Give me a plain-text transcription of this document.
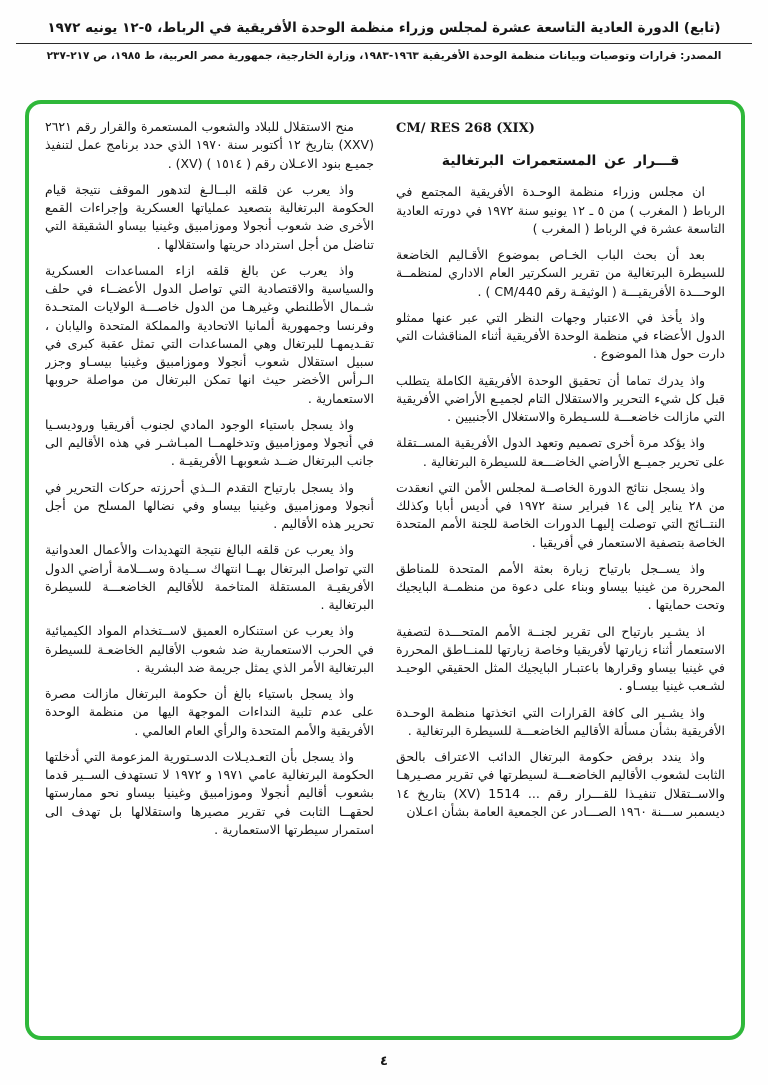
(تابع) الدورة العادية التاسعة عشرة لمجلس وزراء منظمة الوحدة الأفريقية في الرباط، ٥-١٢ يونيه ١٩٧٢
المصدر: قرارات وتوصيات وبيانات منظمة الوحدة الأفريقية ١٩٦٣-١٩٨٣، وزارة الخارجية، جمهورية مصر العربية، ط ١٩٨٥، ص ٢١٧-٢٣٧
CM/ RES 268 (XIX)
قـــرار عن المستعمرات البرتغالية

ان مجلس وزراء منظمة الوحـدة الأفريقية المجتمع في الرباط ( المغرب ) من ٥ ـ ١٢ يونيو سنة ١٩٧٢ في دورته العادية التاسعة عشرة في الرباط ( المغرب )

بعد أن بحث الباب الخـاص بموضوع الأقـاليم الخاضعة للسيطرة البرتغالية من تقرير السكرتير العام الاداري لمنظمــة الوحـــدة الأفريقيـــة ( الوثيقـة رقم CM/440 ) .

واذ يأخذ في الاعتبار وجهات النظر التي عبر عنها ممثلو الدول الأعضاء في منظمة الوحدة الأفريقية أثناء المناقشات التي دارت حول هذا الموضوع .

واذ يدرك تماما أن تحقيق الوحدة الأفريقية الكاملة يتطلب قبل كل شيء التحرير والاستقلال التام لجميـع الأراضي الأفريقية التي مازالت خاضعـــة للسـيطرة والاستغلال الأجنبيين .

واذ يؤكد مرة أخرى تصميم وتعهد الدول الأفريقية المســتقلة على تحرير جميــع الأراضي الخاضـــعة للسيطرة البرتغالية .

واذ يسجل نتائج الدورة الخاصــة لمجلس الأمن التي انعقدت من ٢٨ يناير إلى ١٤ فبراير سنة ١٩٧٢ في أديس أبابا وكذلك النتــائج التي توصلت إليهـا الدورات الخاصة للجنة الأمم المتحدة الخاصة بتصفية الاستعمار في أفريقيا .

واذ يســجل بارتياح زيارة بعثة الأمم المتحدة للمناطق المحررة من غينيا بيساو وبناء على دعوة من منظمــة البايجيك وتحت حمايتها .

اذ يشـير بارتياح الى تقرير لجنــة الأمم المتحـــدة لتصفية الاستعمار أثناء زيارتها لأفريقيا وخاصة زيارتها للمنــاطق المحررة في غينيا بيساو وقرارها باعتبـار البايجيك المثل الحقيقي الوحيـد لشـعب غينيا بيسـاو .

واذ يشـير الى كافة القرارات التي اتخذتها منظمة الوحـدة الأفريقية بشأن مسألة الأقاليم الخاضعـــة للسيطرة البرتغالية .

واذ يندد برفض حكومة البرتغال الدائب الاعتراف بالحق الثابت لشعوب الأقاليم الخاضعـــة لسيطرتها في تقرير مصـيرهـا والاســتقلال تنفيـذا للقـــرار رقم ... 1514 (XV) بتاريخ ١٤ ديسمبر ســـنة ١٩٦٠ الصـــادر عن الجمعية العامة بشأن اعـلان

منح الاستقلال للبلاد والشعوب المستعمرة والقرار رقم ٢٦٢١ (XXV) بتاريخ ١٢ أكتوبر سنة ١٩٧٠ الذي حدد برنامج عمل لتنفيذ جميـع بنود الاعـلان رقم ( ١٥١٤ ) (XV) .

واذ يعرب عن قلقه البــالـغ لتدهور الموقف نتيجة قيام الحكومة البرتغالية بتصعيد عملياتها العسكرية وإجراءات القمع الأخرى ضد شعوب أنجولا وموزامبيق وغينيا بيساو الشقيقة التي تناضل من أجل استرداد حريتها واستقلالها .

واذ يعرب عن بالغ قلقه ازاء المساعدات العسكرية والسياسية والاقتصادية التي تواصل الدول الأعضــاء في حلف شـمال الأطلنطي وغيرهـا من الدول خاصـــة الولايات المتحـدة وفرنسا وجمهورية ألمانيا الاتحادية والمملكة المتحدة واليابان ، تقـديمهـا للبرتغال وهي المساعدات التي تمثل عقبة كبرى في سبيل استقلال شعوب أنجولا وموزامبيق وغينيا بيسـاو وجزر الـرأس الأخضر حيث انها تمكن البرتغال من مواصلة حروبها الاستعمارية .

واذ يسجل باستياء الوجود المادي لجنوب أفريقيا وروديسـيا في أنجولا وموزامبيق وتدخلهمــا المبـاشـر في هذه الأقاليم الى جانب البرتغال ضــد شعوبهـا الأفريقيـة .

واذ يسجل بارتياح التقدم الــذي أحرزته حركات التحرير في أنجولا وموزامبيق وغينيا بيساو وفي نضالها المسلح من أجل تحرير هذه الأقاليم .

واذ يعرب عن قلقه البالغ نتيجة التهديدات والأعمال العدوانية التي تواصل البرتغال بهــا انتهاك ســيادة وســـلامة أراضي الدول الأفريقيـة المستقلة المتاخمة للأقاليم الخاضعـــة للسيطرة البرتغالية .

واذ يعرب عن استنكاره العميق لاســتخدام المواد الكيميائية في الحرب الاستعمارية ضد شعوب الأقاليم الخاضعـة للسيطرة البرتغالية الأمر الذي يمثل جريمة ضد البشرية .

واذ يسجل باستياء بالغ أن حكومة البرتغال مازالت مصرة على عدم تلبية النداءات الموجهة اليها من منظمة الوحدة الأفريقية والأمم المتحدة والرأي العام العالمي .

واذ يسجل بأن التعـديـلات الدسـتورية المزعومة التي أدخلتها الحكومة البرتغالية عامي ١٩٧١ و ١٩٧٢ لا تستهدف الســير قدما بشعوب أقاليم أنجولا وموزامبيق وغينيا بيساو نحو ممارستها لحقهــا الثابت في تقرير مصيرها واستقلالها بل تهدف الى استمرار سيطرتها الاستعمارية .

٤
